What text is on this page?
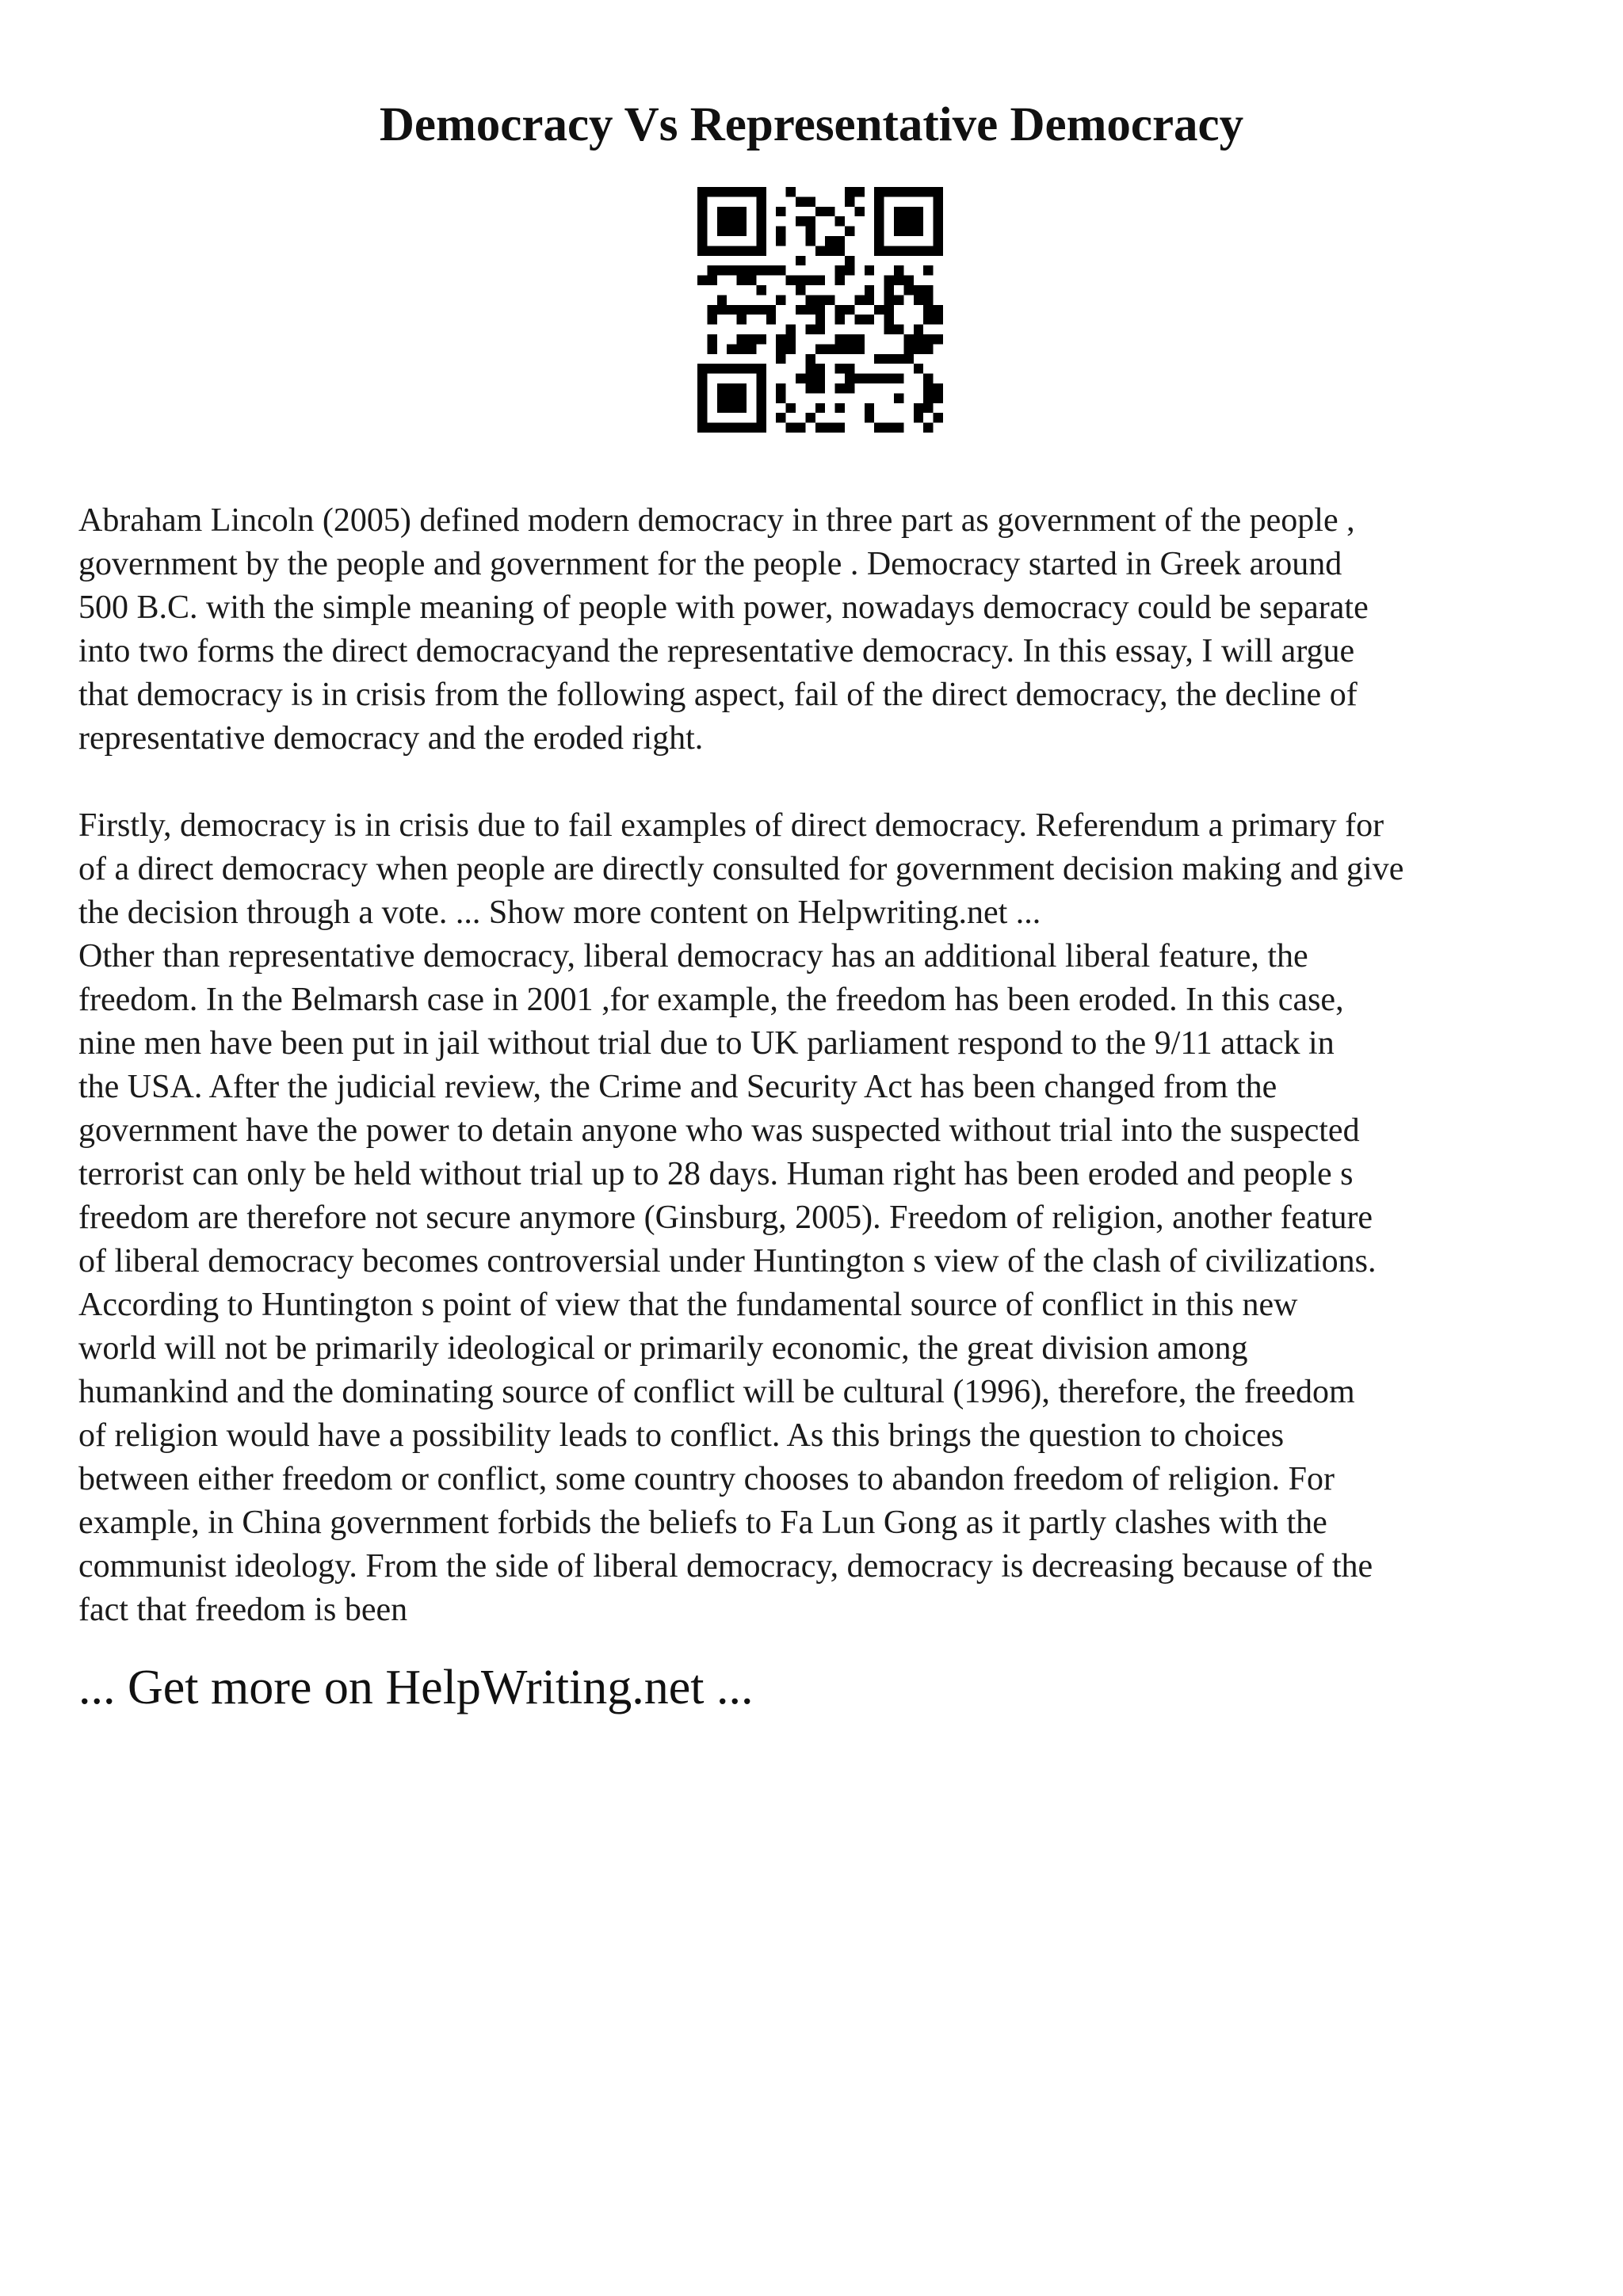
Democracy Vs Representative Democracy

Abraham Lincoln (2005) defined modern democracy in three part as government of the people ,
government by the people and government for the people . Democracy started in Greek around
500 B.C. with the simple meaning of people with power, nowadays democracy could be separate
into two forms the direct democracyand the representative democracy. In this essay, I will argue
that democracy is in crisis from the following aspect, fail of the direct democracy, the decline of
representative democracy and the eroded right.

Firstly, democracy is in crisis due to fail examples of direct democracy. Referendum a primary for
of a direct democracy when people are directly consulted for government decision making and give
the decision through a vote. ... Show more content on Helpwriting.net ...

Other than representative democracy, liberal democracy has an additional liberal feature, the
freedom. In the Belmarsh case in 2001 ,for example, the freedom has been eroded. In this case,
nine men have been put in jail without trial due to UK parliament respond to the 9/11 attack in
the USA. After the judicial review, the Crime and Security Act has been changed from the
government have the power to detain anyone who was suspected without trial into the suspected
terrorist can only be held without trial up to 28 days. Human right has been eroded and people s
freedom are therefore not secure anymore (Ginsburg, 2005). Freedom of religion, another feature
of liberal democracy becomes controversial under Huntington s view of the clash of civilizations.
According to Huntington s point of view that the fundamental source of conflict in this new
world will not be primarily ideological or primarily economic, the great division among
humankind and the dominating source of conflict will be cultural (1996), therefore, the freedom
of religion would have a possibility leads to conflict. As this brings the question to choices
between either freedom or conflict, some country chooses to abandon freedom of religion. For
example, in China government forbids the beliefs to Fa Lun Gong as it partly clashes with the
communist ideology. From the side of liberal democracy, democracy is decreasing because of the
fact that freedom is been

... Get more on HelpWriting.net ...
